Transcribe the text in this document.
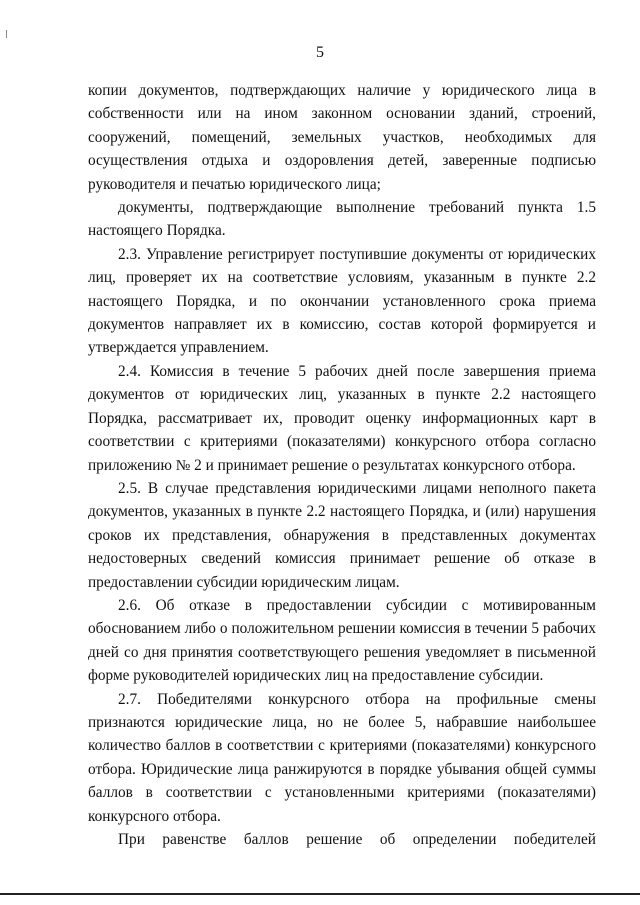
5

копии документов, подтверждающих наличие у юридического лица в собственности или на ином законном основании зданий, строений, сооружений, помещений, земельных участков, необходимых для осуществления отдыха и оздоровления детей, заверенные подписью руководителя и печатью юридического лица;

документы, подтверждающие выполнение требований пункта 1.5 настоящего Порядка.

2.3. Управление регистрирует поступившие документы от юридических лиц, проверяет их на соответствие условиям, указанным в пункте 2.2 настоящего Порядка, и по окончании установленного срока приема документов направляет их в комиссию, состав которой формируется и утверждается управлением.

2.4. Комиссия в течение 5 рабочих дней после завершения приема документов от юридических лиц, указанных в пункте 2.2 настоящего Порядка, рассматривает их, проводит оценку информационных карт в соответствии с критериями (показателями) конкурсного отбора согласно приложению № 2 и принимает решение о результатах конкурсного отбора.

2.5. В случае представления юридическими лицами неполного пакета документов, указанных в пункте 2.2 настоящего Порядка, и (или) нарушения сроков их представления, обнаружения в представленных документах недостоверных сведений комиссия принимает решение об отказе в предоставлении субсидии юридическим лицам.

2.6. Об отказе в предоставлении субсидии с мотивированным обоснованием либо о положительном решении комиссия в течении 5 рабочих дней со дня принятия соответствующего решения уведомляет в письменной форме руководителей юридических лиц на предоставление субсидии.

2.7. Победителями конкурсного отбора на профильные смены признаются юридические лица, но не более 5, набравшие наибольшее количество баллов в соответствии с критериями (показателями) конкурсного отбора. Юридические лица ранжируются в порядке убывания общей суммы баллов в соответствии с установленными критериями (показателями) конкурсного отбора.

При равенстве баллов решение об определении победителей
